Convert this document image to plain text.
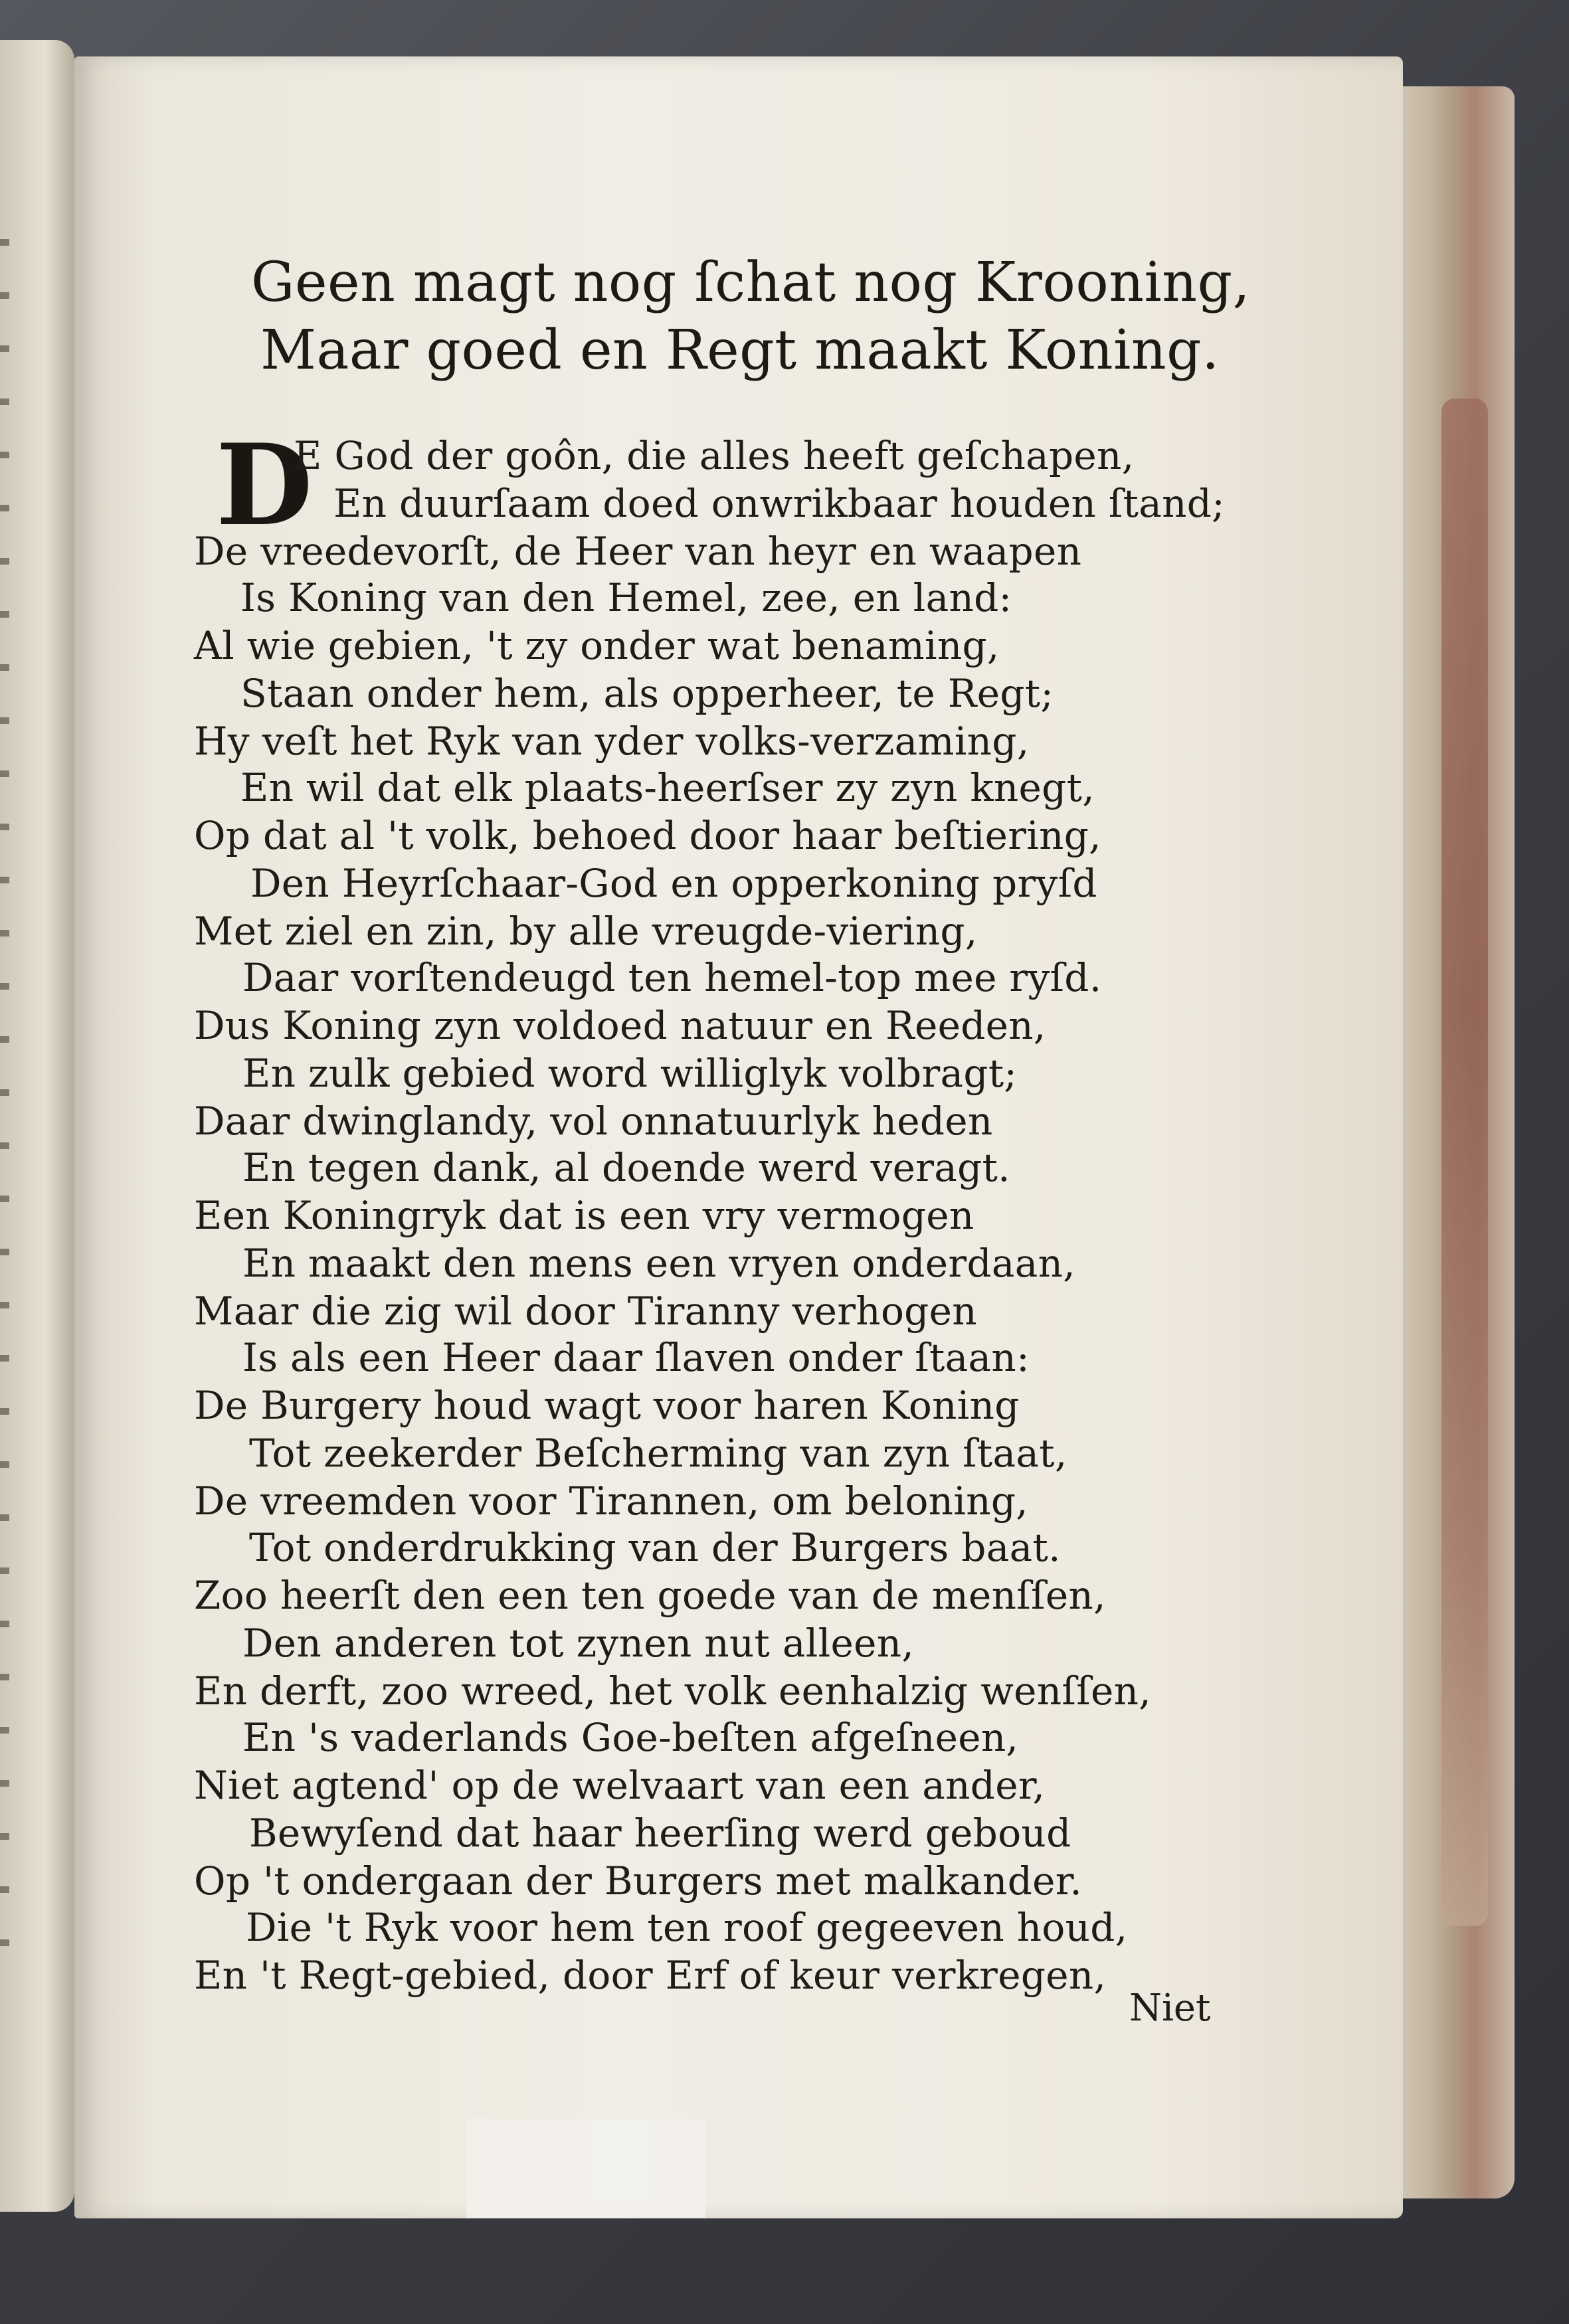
Geen magt nog ſchat nog Krooning,
Maar goed en Regt maakt Koning.

D

E God der goôn, die alles heeft geſchapen,

En duurſaam doed onwrikbaar houden ſtand;

De vreedevorſt, de Heer van heyr en waapen

Is Koning van den Hemel, zee, en land:

Al wie gebien, 't zy onder wat benaming,

Staan onder hem, als opperheer, te Regt;

Hy veſt het Ryk van yder volks-verzaming,

En wil dat elk plaats-heerſser zy zyn knegt,

Op dat al 't volk, behoed door haar beſtiering,

Den Heyrſchaar-God en opperkoning pryſd

Met ziel en zin, by alle vreugde-viering,

Daar vorſtendeugd ten hemel-top mee ryſd.

Dus Koning zyn voldoed natuur en Reeden,

En zulk gebied word williglyk volbragt;

Daar dwinglandy, vol onnatuurlyk heden

En tegen dank, al doende werd veragt.

Een Koningryk dat is een vry vermogen

En maakt den mens een vryen onderdaan,

Maar die zig wil door Tiranny verhogen

Is als een Heer daar ſlaven onder ſtaan:

De Burgery houd wagt voor haren Koning

Tot zeekerder Beſcherming van zyn ſtaat,

De vreemden voor Tirannen, om beloning,

Tot onderdrukking van der Burgers baat.

Zoo heerſt den een ten goede van de menſſen,

Den anderen tot zynen nut alleen,

En derft, zoo wreed, het volk eenhalzig wenſſen,

En 's vaderlands Goe-beſten afgeſneen,

Niet agtend' op de welvaart van een ander,

Bewyſend dat haar heerſing werd geboud

Op 't ondergaan der Burgers met malkander.

Die 't Ryk voor hem ten roof gegeeven houd,

En 't Regt-gebied, door Erf of keur verkregen,

Niet
